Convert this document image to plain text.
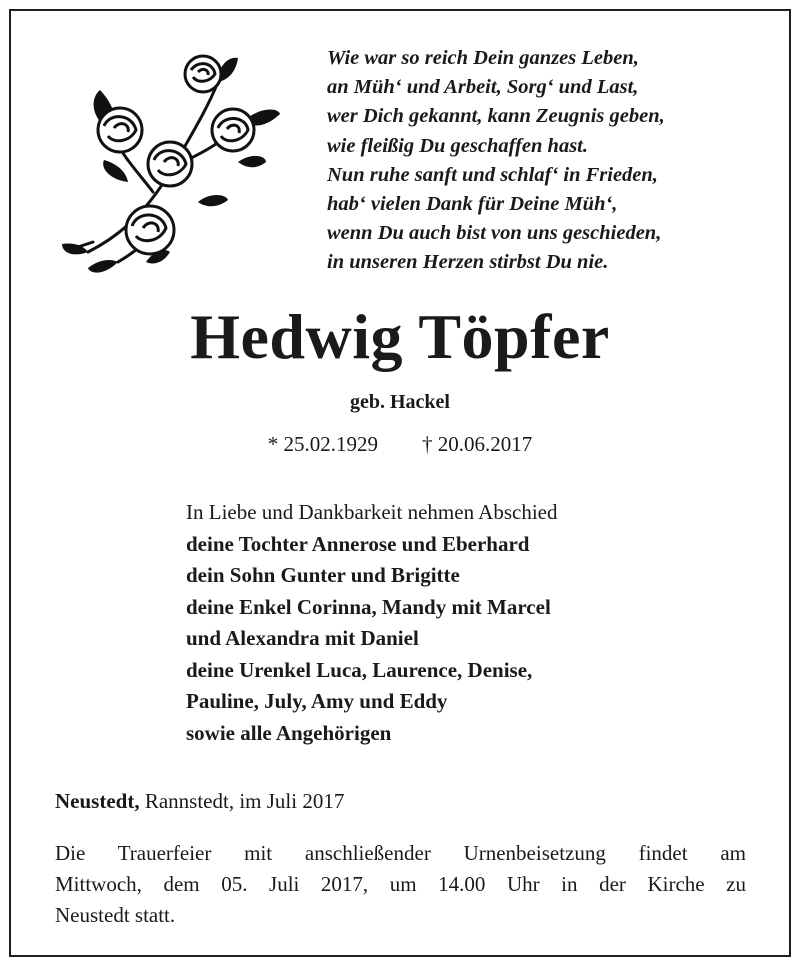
Wie war so reich Dein ganzes Leben,
an Müh‘ und Arbeit, Sorg‘ und Last,
wer Dich gekannt, kann Zeugnis geben,
wie fleißig Du geschaffen hast.
Nun ruhe sanft und schlaf‘ in Frieden,
hab‘ vielen Dank für Deine Müh‘,
wenn Du auch bist von uns geschieden,
in unseren Herzen stirbst Du nie.
Hedwig Töpfer
geb. Hackel
* 25.02.1929 † 20.06.2017
In Liebe und Dankbarkeit nehmen Abschied
deine Tochter Annerose und Eberhard
dein Sohn Gunter und Brigitte
deine Enkel Corinna, Mandy mit Marcel
und Alexandra mit Daniel
deine Urenkel Luca, Laurence, Denise,
Pauline, July, Amy und Eddy
sowie alle Angehörigen
Neustedt, Rannstedt, im Juli 2017
Die Trauerfeier mit anschließender Urnenbeisetzung findet am
Mittwoch, dem 05. Juli 2017, um 14.00 Uhr in der Kirche zu
Neustedt statt.
